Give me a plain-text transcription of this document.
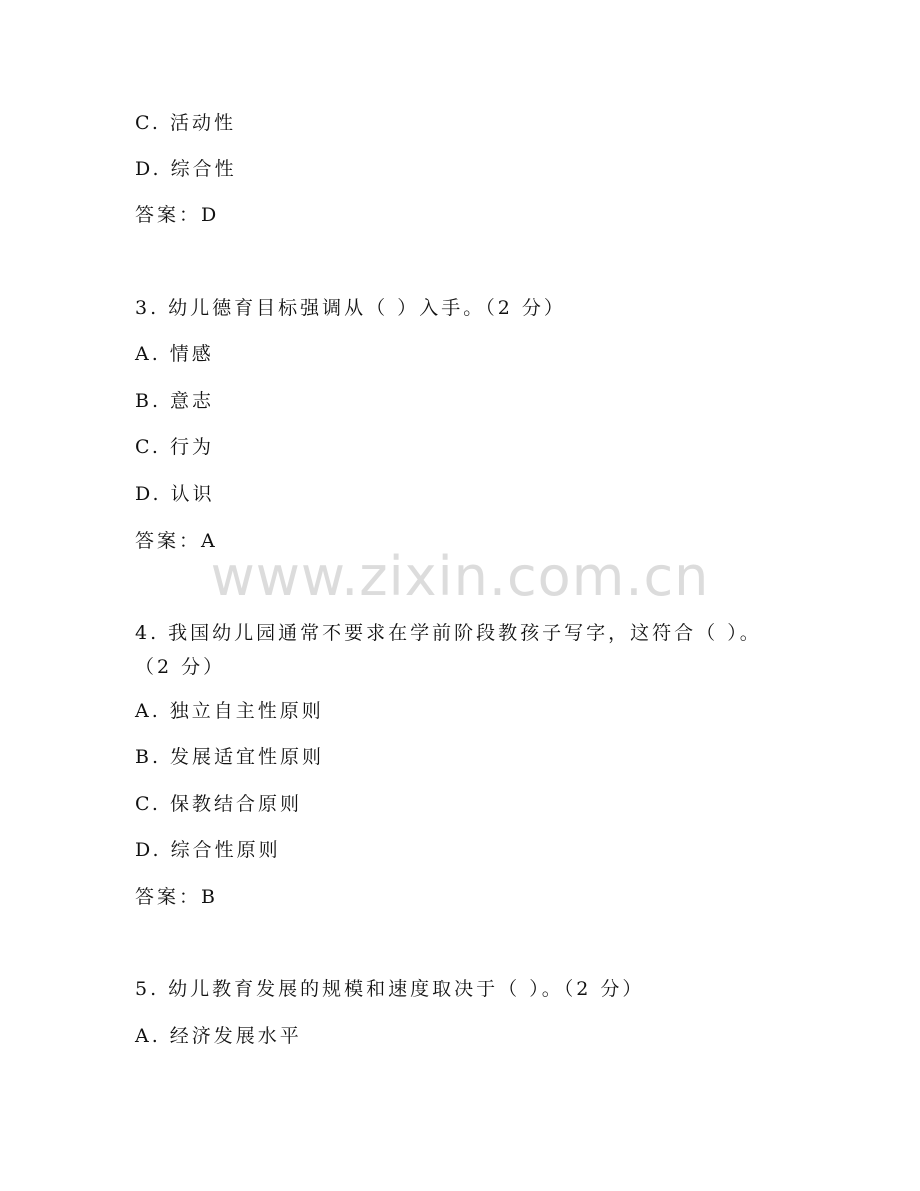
C. 活动性
D. 综合性
答案：D
3. 幼儿德育目标强调从（ ）入手。（2 分）
A. 情感
B. 意志
C. 行为
D. 认识
答案：A
4. 我国幼儿园通常不要求在学前阶段教孩子写字，这符合（ ）。（2 分）
A. 独立自主性原则
B. 发展适宜性原则
C. 保教结合原则
D. 综合性原则
答案：B
5. 幼儿教育发展的规模和速度取决于（ ）。（2 分）
A. 经济发展水平
www.zixin.com.cn
